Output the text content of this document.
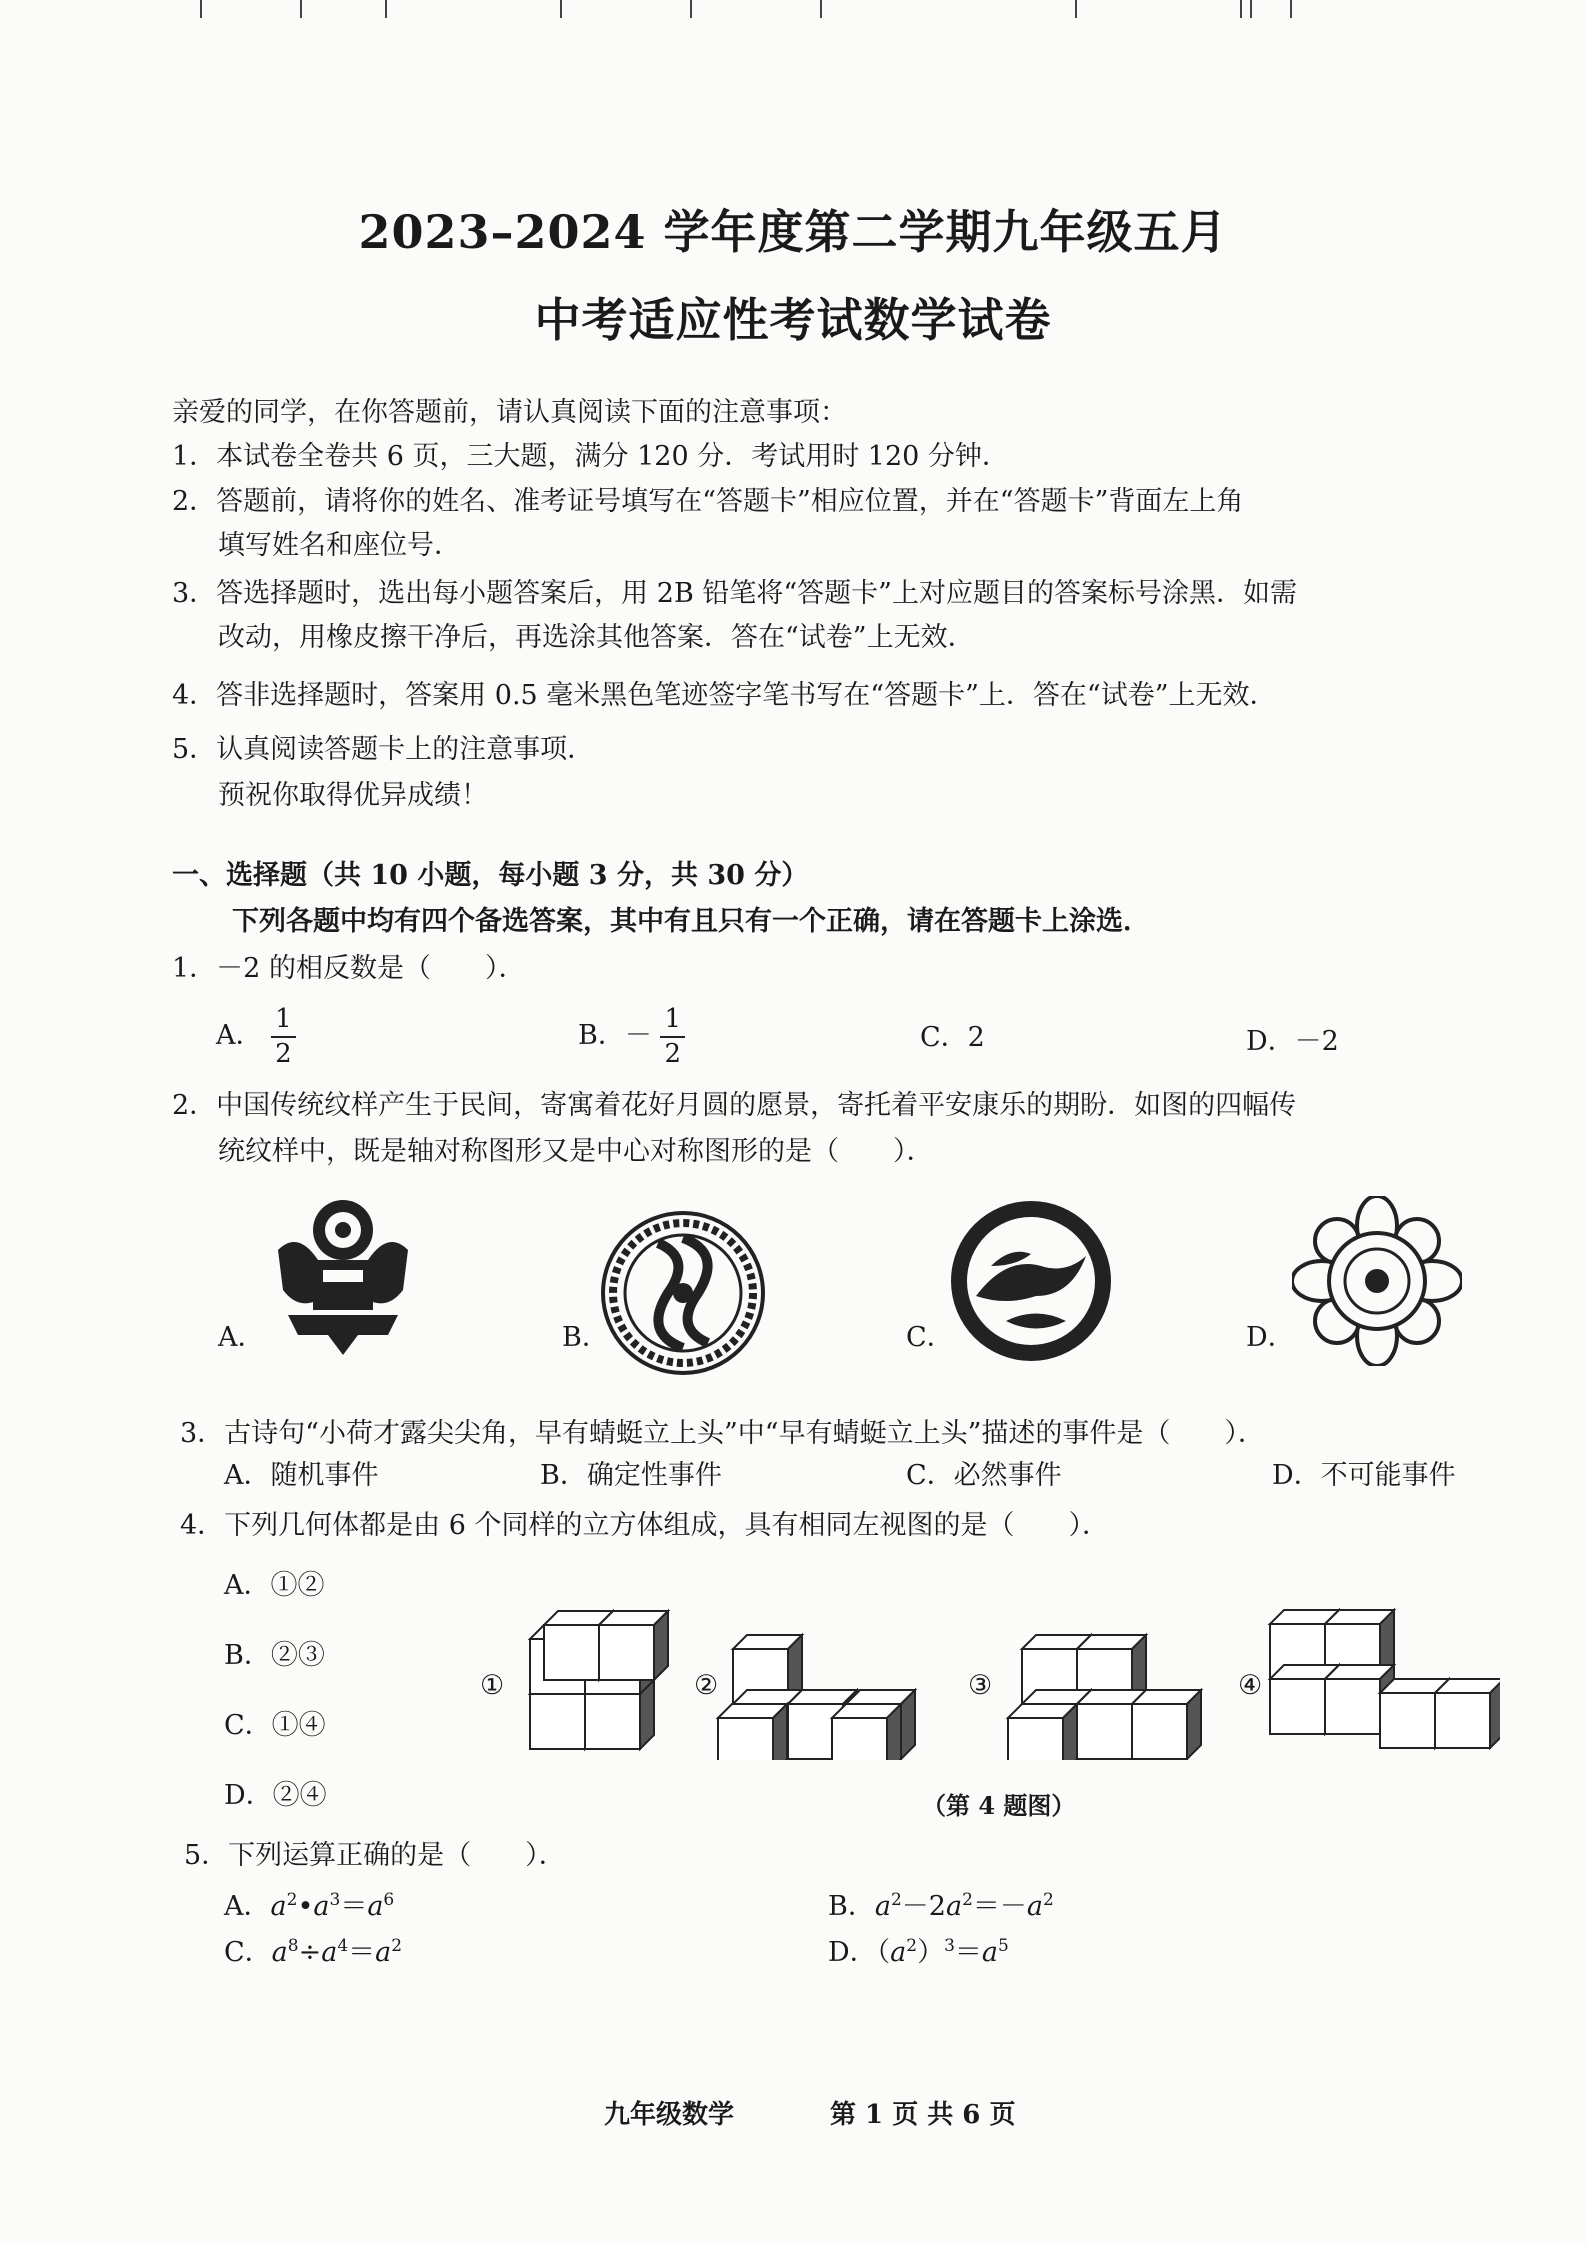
2023–2024 学年度第二学期九年级五月
中考适应性考试数学试卷
亲爱的同学，在你答题前，请认真阅读下面的注意事项：
1．本试卷全卷共 6 页，三大题，满分 120 分．考试用时 120 分钟．
2．答题前，请将你的姓名、准考证号填写在“答题卡”相应位置，并在“答题卡”背面左上角
填写姓名和座位号．
3．答选择题时，选出每小题答案后，用 2B 铅笔将“答题卡”上对应题目的答案标号涂黑．如需
改动，用橡皮擦干净后，再选涂其他答案．答在“试卷”上无效．
4．答非选择题时，答案用 0.5 毫米黑色笔迹签字笔书写在“答题卡”上．答在“试卷”上无效．
5．认真阅读答题卡上的注意事项．
预祝你取得优异成绩！
一、选择题（共 10 小题，每小题 3 分，共 30 分）
下列各题中均有四个备选答案，其中有且只有一个正确，请在答题卡上涂选．
1．－2 的相反数是（　　）．
A． $\frac{1}{2}$	B．－ $\frac{1}{2}$	C．2	D．－2
2．中国传统纹样产生于民间，寄寓着花好月圆的愿景，寄托着平安康乐的期盼．如图的四幅传
统纹样中，既是轴对称图形又是中心对称图形的是（　　）．
A．	B．	C．	D．
3．古诗句“小荷才露尖尖角，早有蜻蜓立上头”中“早有蜻蜓立上头”描述的事件是（　　）．
A．随机事件	B．确定性事件	C．必然事件	D．不可能事件
4．下列几何体都是由 6 个同样的立方体组成，具有相同左视图的是（　　）．
A．①②
B．②③
C．①④
D．②④
①	②	③	④
（第 4 题图）
5．下列运算正确的是（　　）．
A．$a^2•a^3=a^6$	B．$a^2-2a^2=-a^2$
C．$a^8\div a^4=a^2$	D．$(a^2)^3=a^5$
九年级数学	第 1 页 共 6 页
